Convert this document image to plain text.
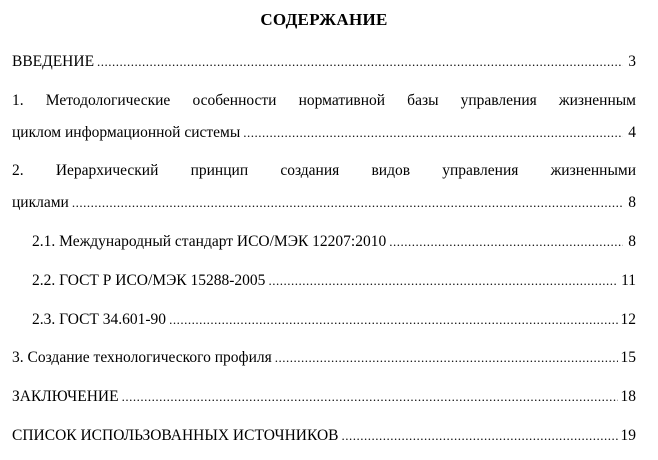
СОДЕРЖАНИЕ
ВВЕДЕНИЕ .....	3
1. Методологические особенности нормативной базы управления жизненным
циклом информационной системы .....	4
2. Иерархический принцип создания видов управления жизненными
циклами .....	8
2.1. Международный стандарт ИСО/МЭК 12207:2010 .....	8
2.2. ГОСТ Р ИСО/МЭК 15288-2005 .....	11
2.3. ГОСТ 34.601-90 .....	12
3. Создание технологического профиля .....	15
ЗАКЛЮЧЕНИЕ .....	18
СПИСОК ИСПОЛЬЗОВАННЫХ ИСТОЧНИКОВ .....	19
